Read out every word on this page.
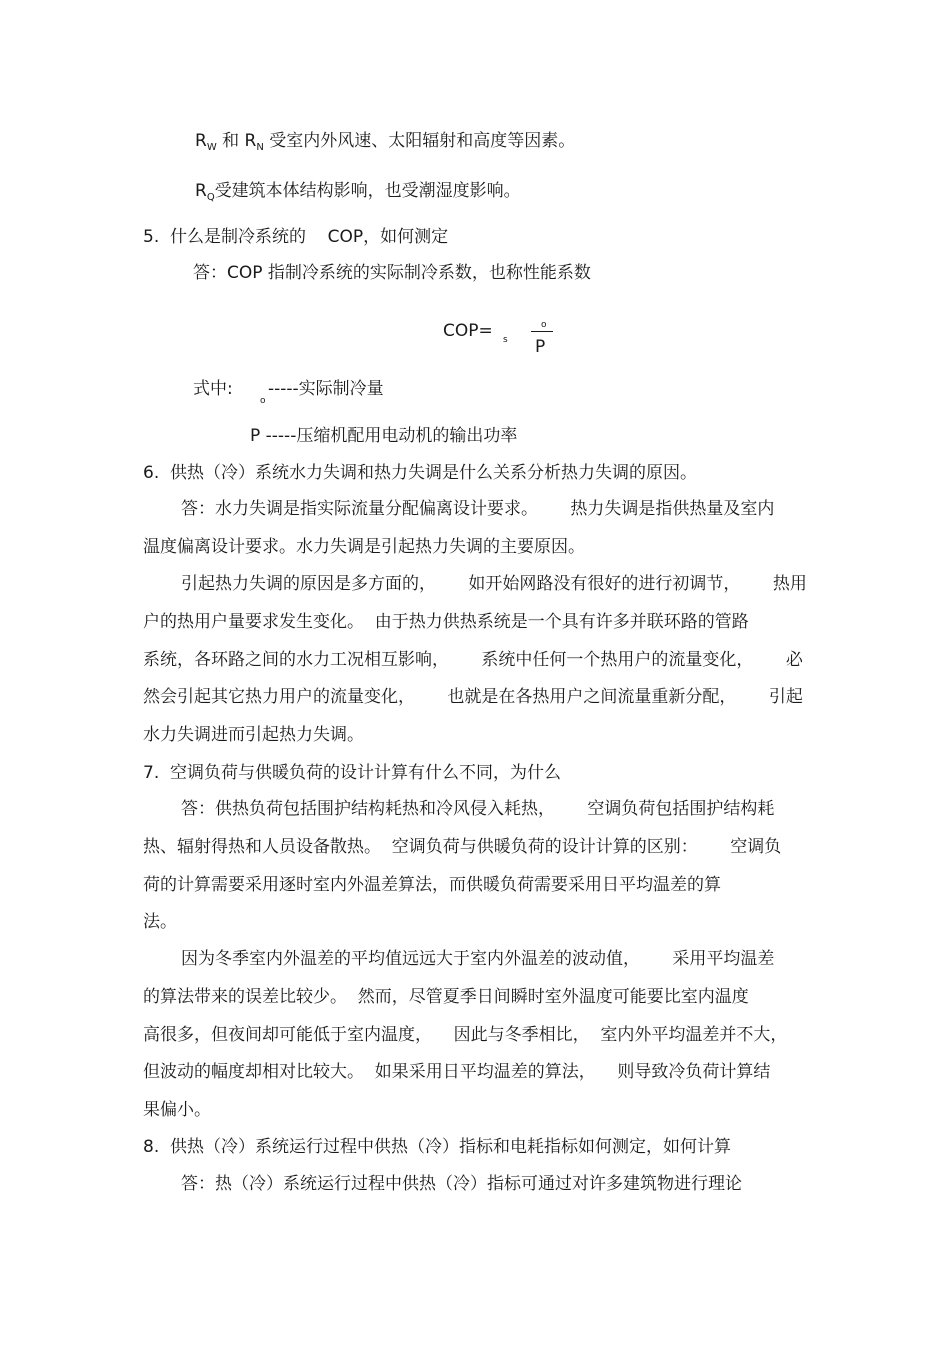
$R_W$ 和 $R_N$ 受室内外风速、太阳辐射和高度等因素。
$R_Q$受建筑本体结构影响，也受潮湿度影响。
5.  什么是制冷系统的    COP，如何测定
答：COP 指制冷系统的实际制冷系数，也称性能系数
COP= s
o
P
式中:
o
-----实际制冷量
P -----压缩机配用电动机的输出功率
6.  供热（冷）系统水力失调和热力失调是什么关系分析热力失调的原因。
答：水力失调是指实际流量分配偏离设计要求。      热力失调是指供热量及室内
温度偏离设计要求。水力失调是引起热力失调的主要原因。
引起热力失调的原因是多方面的，      如开始网路没有很好的进行初调节，      热用
户的热用户量要求发生变化。  由于热力供热系统是一个具有许多并联环路的管路
系统，各环路之间的水力工况相互影响，      系统中任何一个热用户的流量变化，      必
然会引起其它热力用户的流量变化，      也就是在各热用户之间流量重新分配，      引起
水力失调进而引起热力失调。
7.  空调负荷与供暖负荷的设计计算有什么不同，为什么
答：供热负荷包括围护结构耗热和冷风侵入耗热，      空调负荷包括围护结构耗
热、辐射得热和人员设备散热。  空调负荷与供暖负荷的设计计算的区别：      空调负
荷的计算需要采用逐时室内外温差算法，而供暖负荷需要采用日平均温差的算
法。
因为冬季室内外温差的平均值远远大于室内外温差的波动值，      采用平均温差
的算法带来的误差比较少。  然而，尽管夏季日间瞬时室外温度可能要比室内温度
高很多，但夜间却可能低于室内温度，    因此与冬季相比，  室内外平均温差并不大，
但波动的幅度却相对比较大。  如果采用日平均温差的算法，    则导致冷负荷计算结
果偏小。
8.  供热（冷）系统运行过程中供热（冷）指标和电耗指标如何测定，如何计算
答：热（冷）系统运行过程中供热（冷）指标可通过对许多建筑物进行理论
